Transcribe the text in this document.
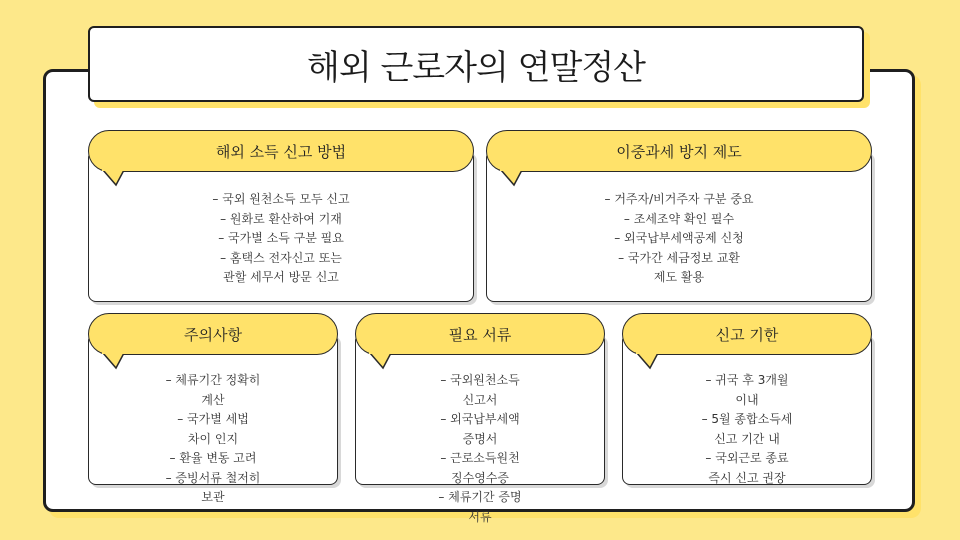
해외 근로자의 연말정산
해외 소득 신고 방법
– 국외 원천소득 모두 신고
– 원화로 환산하여 기재
– 국가별 소득 구분 필요
– 홈택스 전자신고 또는
관할 세무서 방문 신고
이중과세 방지 제도
– 거주자/비거주자 구분 중요
– 조세조약 확인 필수
– 외국납부세액공제 신청
– 국가간 세금정보 교환
제도 활용
주의사항
– 체류기간 정확히
계산
– 국가별 세법
차이 인지
– 환율 변동 고려
– 증빙서류 철저히
보관
필요 서류
– 국외원천소득
신고서
– 외국납부세액
증명서
– 근로소득원천
징수영수증
– 체류기간 증명
서류
신고 기한
– 귀국 후 3개월
이내
– 5월 종합소득세
신고 기간 내
– 국외근로 종료
즉시 신고 권장
